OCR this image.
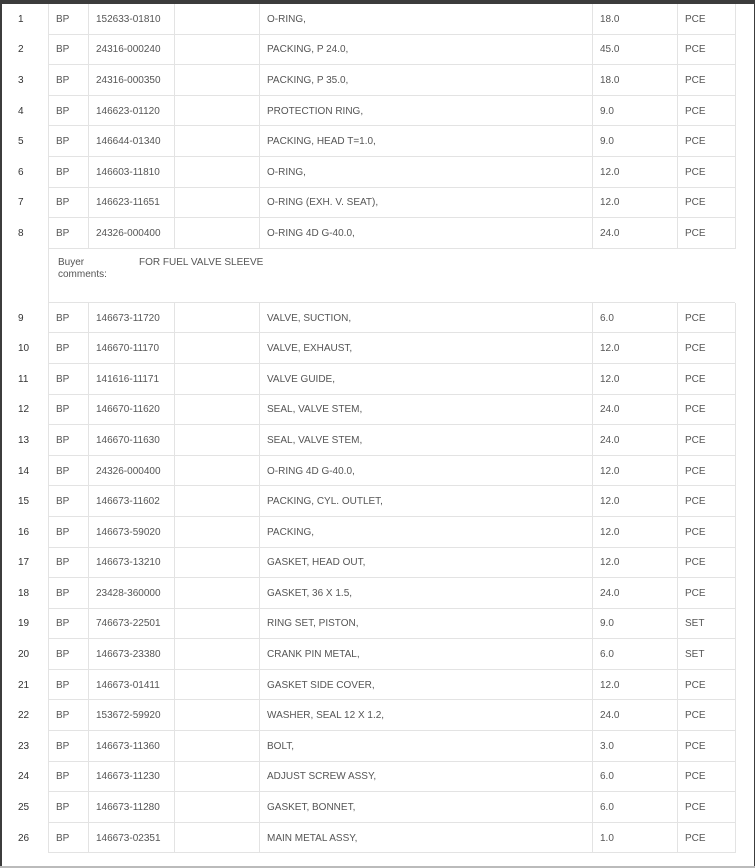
1	BP	152633-01810	O-RING,	18.0	PCE
2	BP	24316-000240	PACKING, P 24.0,	45.0	PCE
3	BP	24316-000350	PACKING, P 35.0,	18.0	PCE
4	BP	146623-01120	PROTECTION RING,	9.0	PCE
5	BP	146644-01340	PACKING, HEAD T=1.0,	9.0	PCE
6	BP	146603-11810	O-RING,	12.0	PCE
7	BP	146623-11651	O-RING (EXH. V. SEAT),	12.0	PCE
8	BP	24326-000400	O-RING 4D G-40.0,	24.0	PCE
Buyer comments:
FOR FUEL VALVE SLEEVE
9	BP	146673-11720	VALVE, SUCTION,	6.0	PCE
10	BP	146670-11170	VALVE, EXHAUST,	12.0	PCE
11	BP	141616-11171	VALVE GUIDE,	12.0	PCE
12	BP	146670-11620	SEAL, VALVE STEM,	24.0	PCE
13	BP	146670-11630	SEAL, VALVE STEM,	24.0	PCE
14	BP	24326-000400	O-RING 4D G-40.0,	12.0	PCE
15	BP	146673-11602	PACKING, CYL. OUTLET,	12.0	PCE
16	BP	146673-59020	PACKING,	12.0	PCE
17	BP	146673-13210	GASKET, HEAD OUT,	12.0	PCE
18	BP	23428-360000	GASKET, 36 X 1.5,	24.0	PCE
19	BP	746673-22501	RING SET, PISTON,	9.0	SET
20	BP	146673-23380	CRANK PIN METAL,	6.0	SET
21	BP	146673-01411	GASKET SIDE COVER,	12.0	PCE
22	BP	153672-59920	WASHER, SEAL 12 X 1.2,	24.0	PCE
23	BP	146673-11360	BOLT,	3.0	PCE
24	BP	146673-11230	ADJUST SCREW ASSY,	6.0	PCE
25	BP	146673-11280	GASKET, BONNET,	6.0	PCE
26	BP	146673-02351	MAIN METAL ASSY,	1.0	PCE
